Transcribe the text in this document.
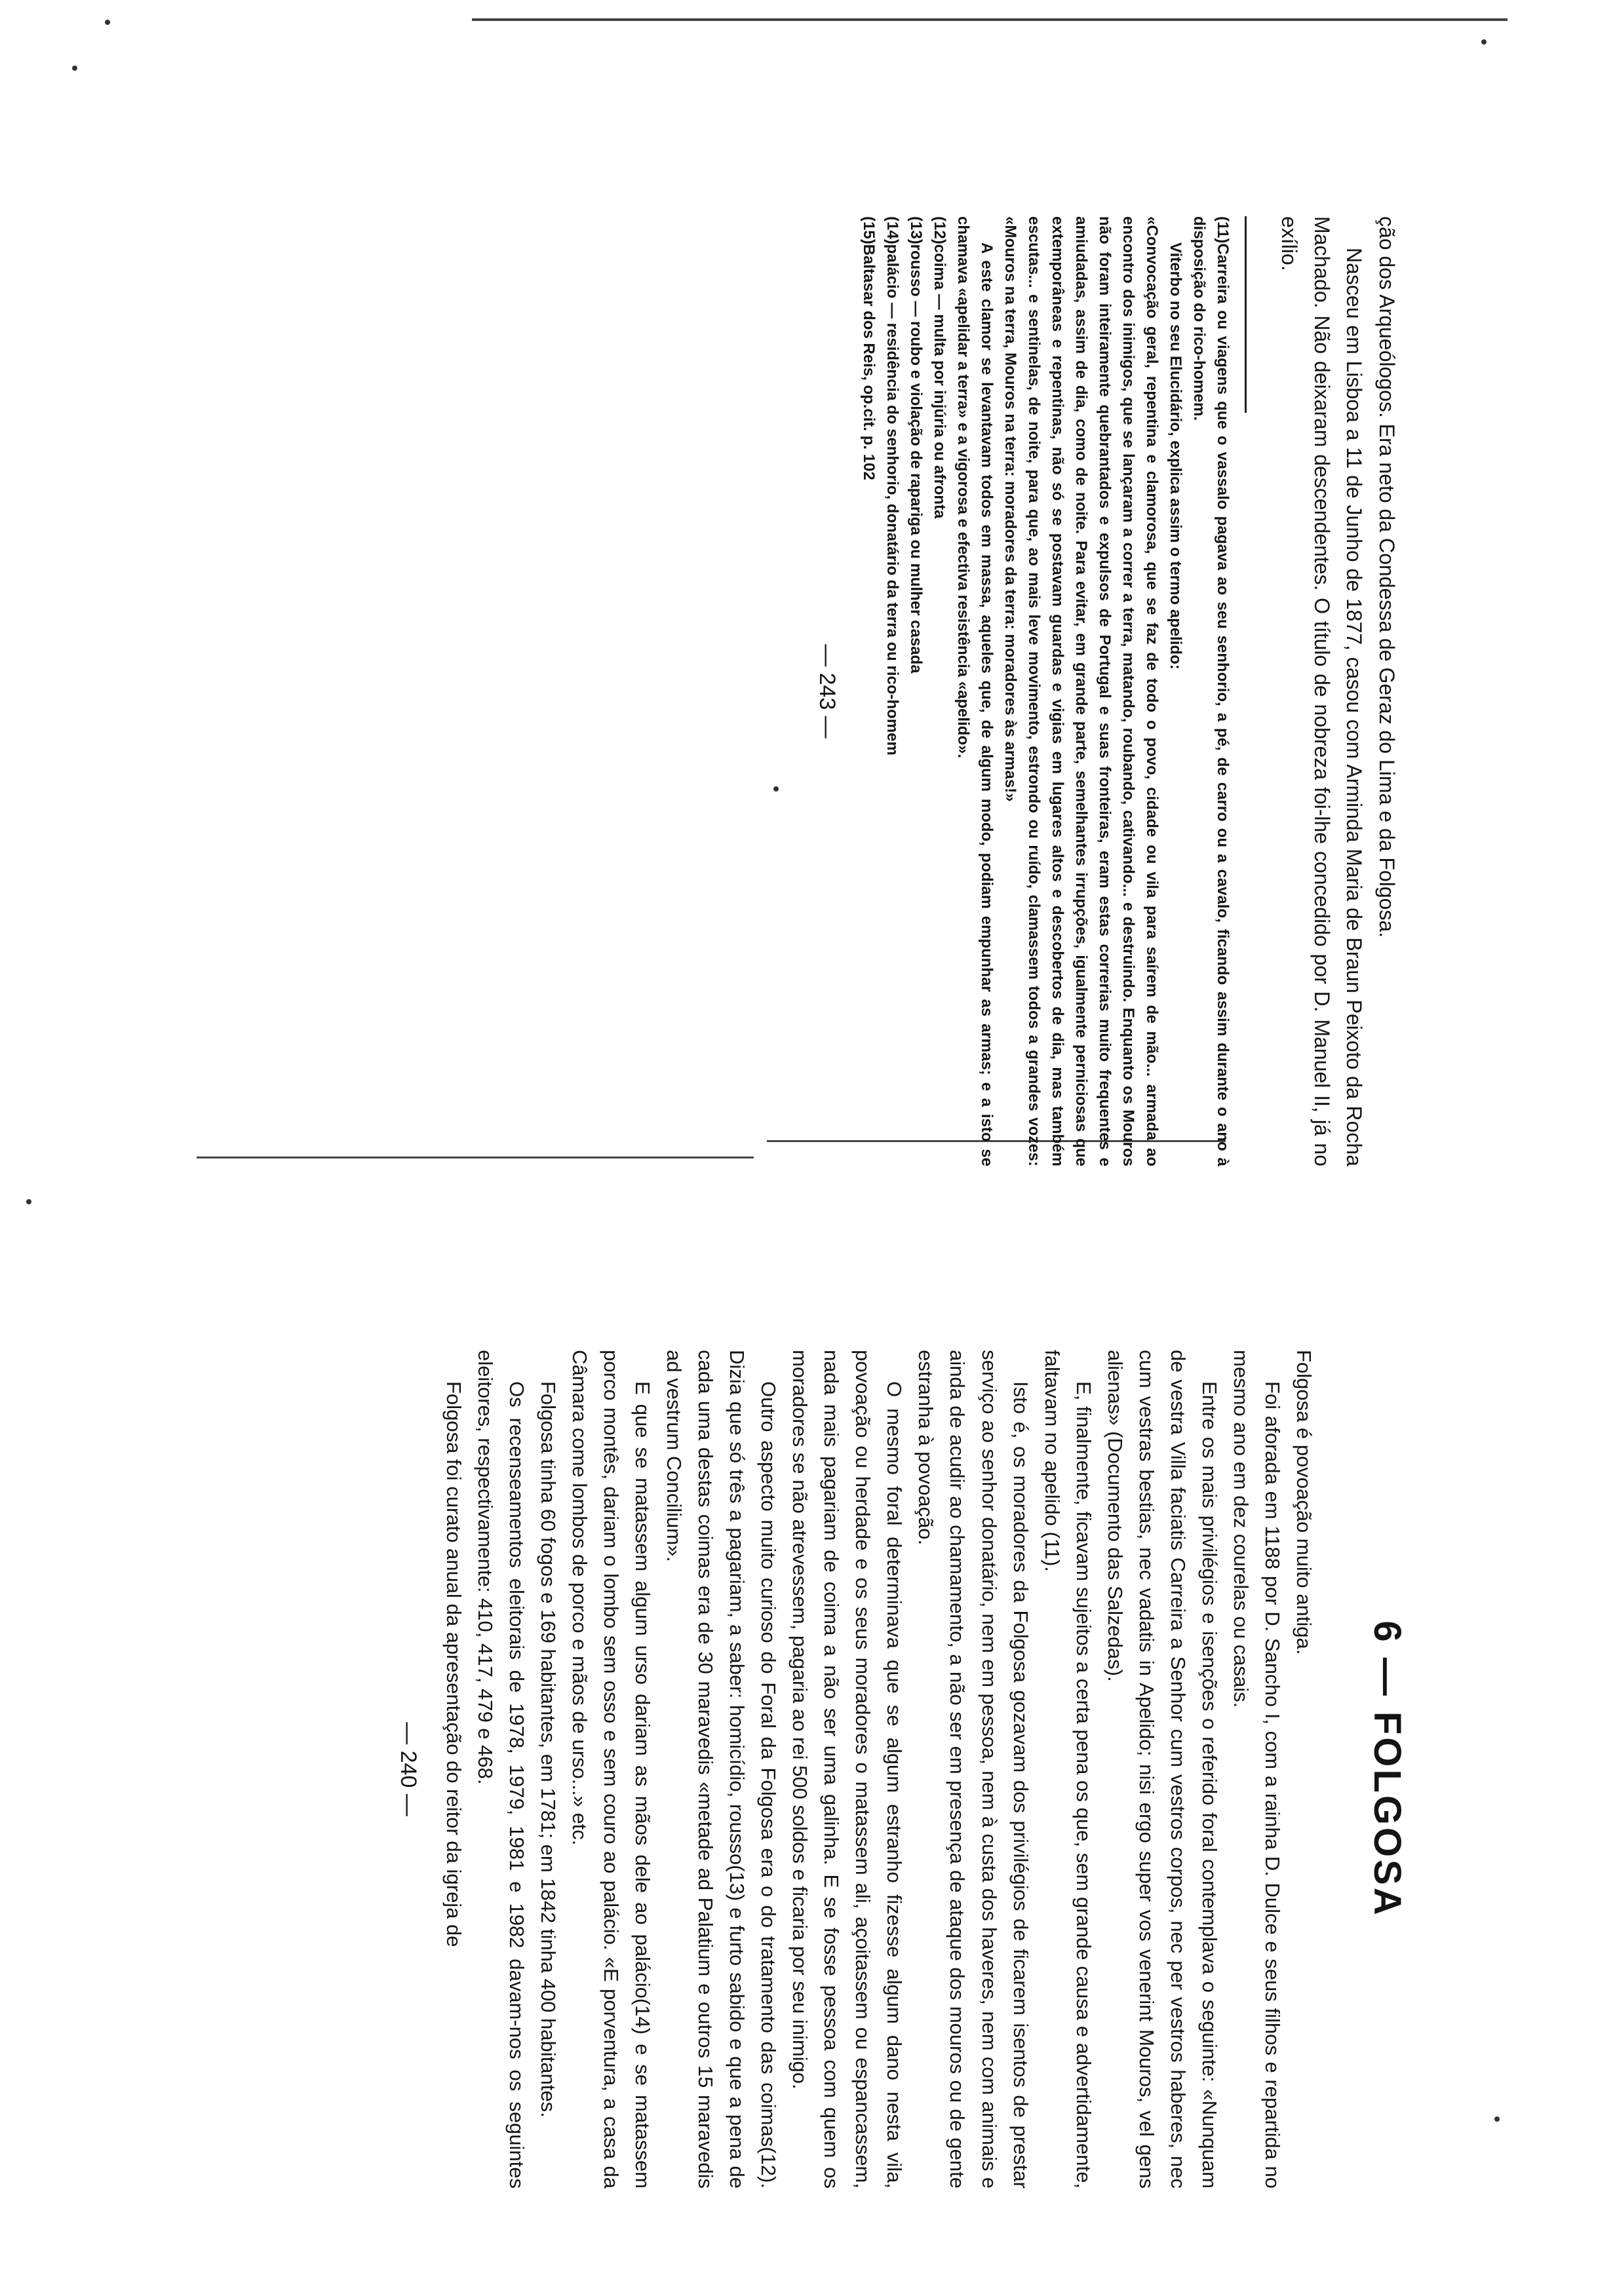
ção dos Arqueólogos. Era neto da Condessa de Geraz do Lima e da Folgosa.

Nasceu em Lisboa a 11 de Junho de 1877, casou com Arminda Maria de Braun Peixoto da Rocha Machado. Não deixaram descendentes. O título de nobreza foi-lhe concedido por D. Manuel II, já no exílio.

(11)Carreira ou viagens que o vassalo pagava ao seu senhorio, a pé, de carro ou a cavalo, ficando assim durante o ano à disposição do rico-homem.

Viterbo no seu Elucidário, explica assim o termo apelido:

«Convocação geral, repentina e clamorosa, que se faz de todo o povo, cidade ou vila para saírem de mão... armada ao encontro dos inimigos, que se lançaram a correr a terra, matando, roubando, cativando... e destruindo. Enquanto os Mouros não foram inteiramente quebrantados e expulsos de Portugal e suas fronteiras, eram estas correrias muito frequentes e amiudadas, assim de dia, como de noite. Para evitar, em grande parte, semelhantes irrupções, igualmente perniciosas que extemporâneas e repentinas, não só se postavam guardas e vigias em lugares altos e descobertos de dia, mas também escutas... e sentinelas, de noite, para que, ao mais leve movimento, estrondo ou ruído, clamassem todos a grandes vozes: «Mouros na terra, Mouros na terra: moradores da terra: moradores às armas!»

A este clamor se levantavam todos em massa, aqueles que, de algum modo, podiam empunhar as armas; e a isto se chamava «apelidar a terra» e a vigorosa e efectiva resistência «apelido».

(12)coima — multa por injúria ou afronta

(13)rousso — roubo e violação de rapariga ou mulher casada

(14)palácio — residência do senhorio, donatário da terra ou rico-homem

(15)Baltasar dos Reis, op.cit. p. 102

— 243 —
6 — FOLGOSA

Folgosa é povoação muito antiga.

Foi aforada em 1188 por D. Sancho I, com a rainha D. Dulce e seus filhos e repartida no mesmo ano em dez courelas ou casais.

Entre os mais privilégios e isenções o referido foral contemplava o seguinte: «Nunquam de vestra Villa faciatis Carreira a Senhor cum vestros corpos, nec per vestros haberes, nec cum vestras bestias, nec vadatis in Apelido; nisi ergo super vos venerint Mouros, vel gens alienas» (Documento das Salzedas).

E, finalmente, ficavam sujeitos a certa pena os que, sem grande causa e advertidamente, faltavam no apelido (11).

Isto é, os moradores da Folgosa gozavam dos privilégios de ficarem isentos de prestar serviço ao senhor donatário, nem em pessoa, nem à custa dos haveres, nem com animais e ainda de acudir ao chamamento, a não ser em presença de ataque dos mouros ou de gente estranha à povoação.

O mesmo foral determinava que se algum estranho fizesse algum dano nesta vila, povoação ou herdade e os seus moradores o matassem ali, açoitassem ou espancassem, nada mais pagariam de coima a não ser uma galinha. E se fosse pessoa com quem os moradores se não atrevessem, pagaria ao rei 500 soldos e ficaria por seu inimigo.

Outro aspecto muito curioso do Foral da Folgosa era o do tratamento das coimas(12). Dizia que só três a pagariam, a saber: homicídio, rousso(13) e furto sabido e que a pena de cada uma destas coimas era de 30 maravedis «metade ad Palatium e outros 15 maravedis ad vestrum Concilium».

E que se matassem algum urso dariam as mãos dele ao palácio(14) e se matassem porco montês, dariam o lombo sem osso e sem couro ao palácio. «E porventura, a casa da Câmara come lombos de porco e mãos de urso...» etc.

Folgosa tinha 60 fogos e 169 habitantes, em 1781; em 1842 tinha 400 habitantes.

Os recenseamentos eleitorais de 1978, 1979, 1981 e 1982 davam-nos os seguintes eleitores, respectivamente: 410, 417, 479 e 468.

Folgosa foi curato anual da apresentação do reitor da igreja de

— 240 —
